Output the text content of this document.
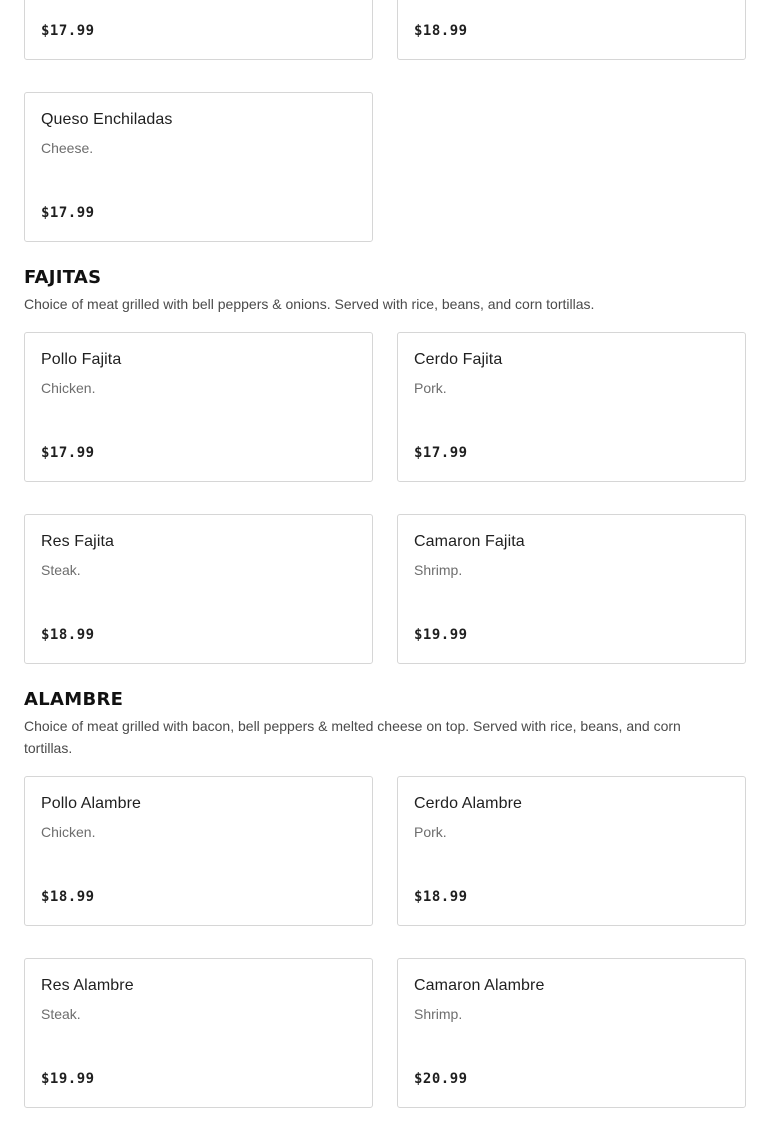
$17.99	$18.99
Queso Enchiladas
Cheese.
$17.99
FAJITAS

Choice of meat grilled with bell peppers & onions. Served with rice, beans, and corn tortillas.

Pollo Fajita
Chicken.
$17.99
Cerdo Fajita
Pork.
$17.99
Res Fajita
Steak.
$18.99
Camaron Fajita
Shrimp.
$19.99
ALAMBRE

Choice of meat grilled with bacon, bell peppers & melted cheese on top. Served with rice, beans, and corn tortillas.

Pollo Alambre
Chicken.
$18.99
Cerdo Alambre
Pork.
$18.99
Res Alambre
Steak.
$19.99
Camaron Alambre
Shrimp.
$20.99
